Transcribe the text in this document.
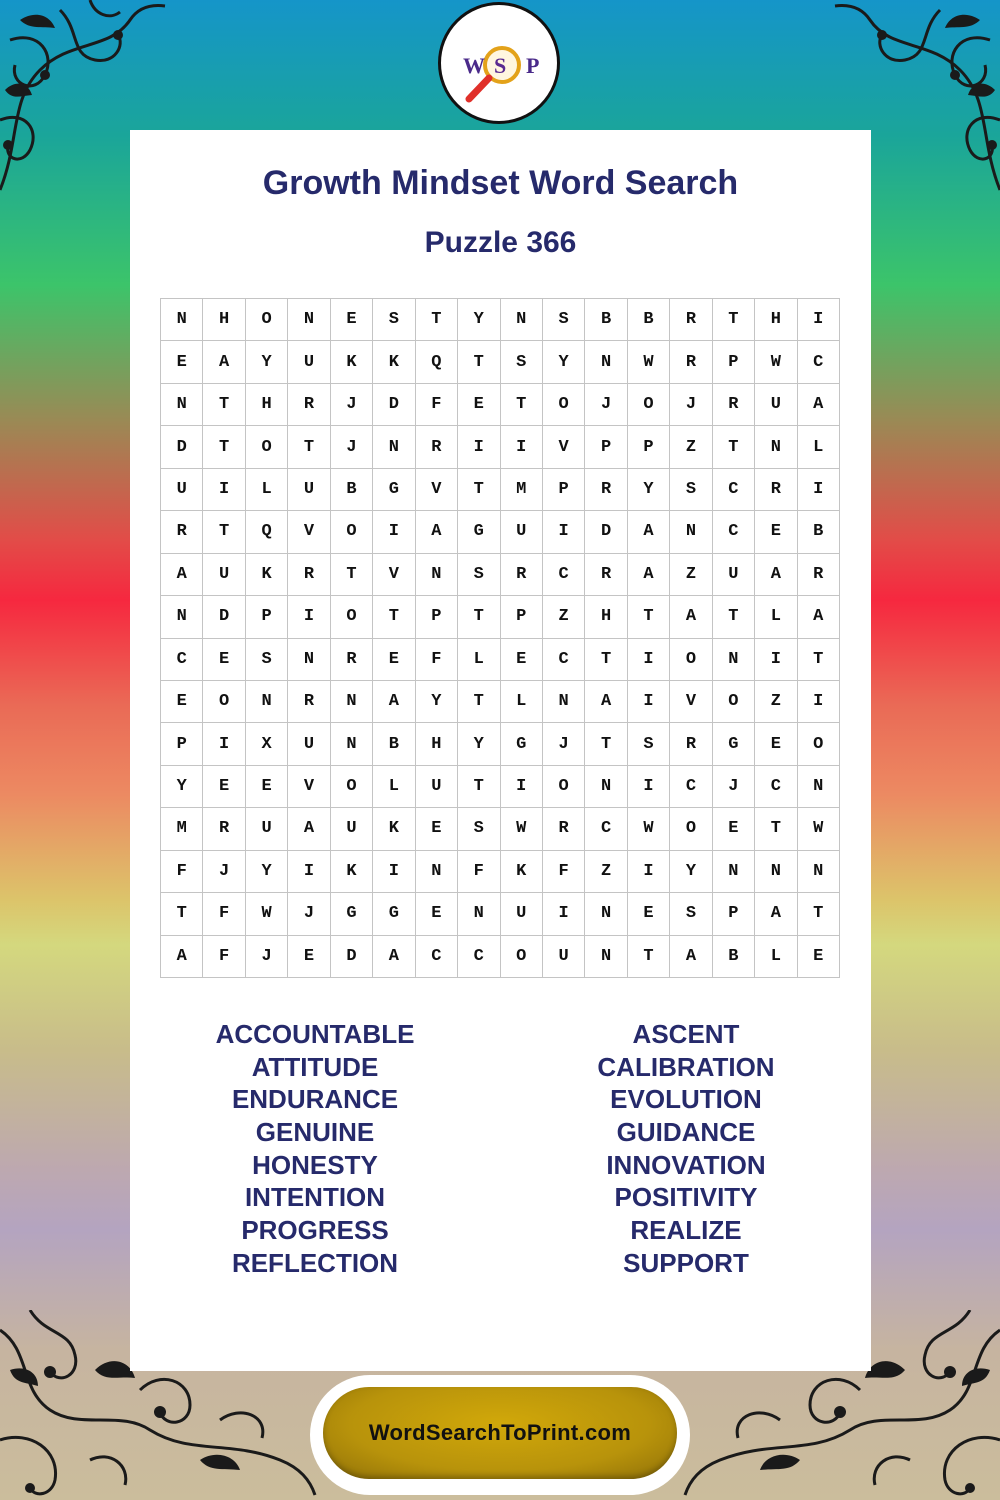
W S P
Growth Mindset Word Search
Puzzle 366
N	H	O	N	E	S	T	Y	N	S	B	B	R	T	H	I
E	A	Y	U	K	K	Q	T	S	Y	N	W	R	P	W	C
N	T	H	R	J	D	F	E	T	O	J	O	J	R	U	A
D	T	O	T	J	N	R	I	I	V	P	P	Z	T	N	L
U	I	L	U	B	G	V	T	M	P	R	Y	S	C	R	I
R	T	Q	V	O	I	A	G	U	I	D	A	N	C	E	B
A	U	K	R	T	V	N	S	R	C	R	A	Z	U	A	R
N	D	P	I	O	T	P	T	P	Z	H	T	A	T	L	A
C	E	S	N	R	E	F	L	E	C	T	I	O	N	I	T
E	O	N	R	N	A	Y	T	L	N	A	I	V	O	Z	I
P	I	X	U	N	B	H	Y	G	J	T	S	R	G	E	O
Y	E	E	V	O	L	U	T	I	O	N	I	C	J	C	N
M	R	U	A	U	K	E	S	W	R	C	W	O	E	T	W
F	J	Y	I	K	I	N	F	K	F	Z	I	Y	N	N	N
T	F	W	J	G	G	E	N	U	I	N	E	S	P	A	T
A	F	J	E	D	A	C	C	O	U	N	T	A	B	L	E
ACCOUNTABLE
ATTITUDE
ENDURANCE
GENUINE
HONESTY
INTENTION
PROGRESS
REFLECTION
ASCENT
CALIBRATION
EVOLUTION
GUIDANCE
INNOVATION
POSITIVITY
REALIZE
SUPPORT
WordSearchToPrint.com
